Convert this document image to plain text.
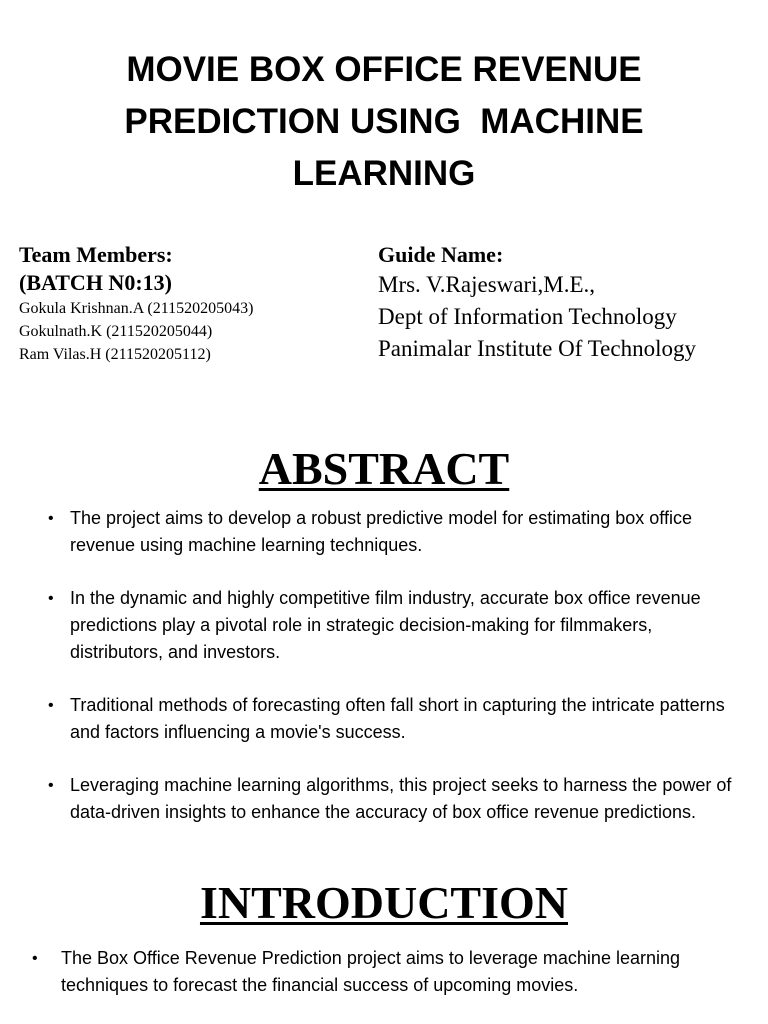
MOVIE BOX OFFICE REVENUE
PREDICTION USING  MACHINE
LEARNING
Team Members:
(BATCH N0:13)
Gokula Krishnan.A (211520205043)
Gokulnath.K (211520205044)
Ram Vilas.H (211520205112)
Guide Name:
Mrs. V.Rajeswari,M.E.,
Dept of Information Technology
Panimalar Institute Of Technology
ABSTRACT
• The project aims to develop a robust predictive model for estimating box office revenue using machine learning techniques.
• In the dynamic and highly competitive film industry, accurate box office revenue predictions play a pivotal role in strategic decision-making for filmmakers, distributors, and investors.
• Traditional methods of forecasting often fall short in capturing the intricate patterns and factors influencing a movie's success.
• Leveraging machine learning algorithms, this project seeks to harness the power of data-driven insights to enhance the accuracy of box office revenue predictions.
INTRODUCTION
• The Box Office Revenue Prediction project aims to leverage machine learning techniques to forecast the financial success of upcoming movies.
